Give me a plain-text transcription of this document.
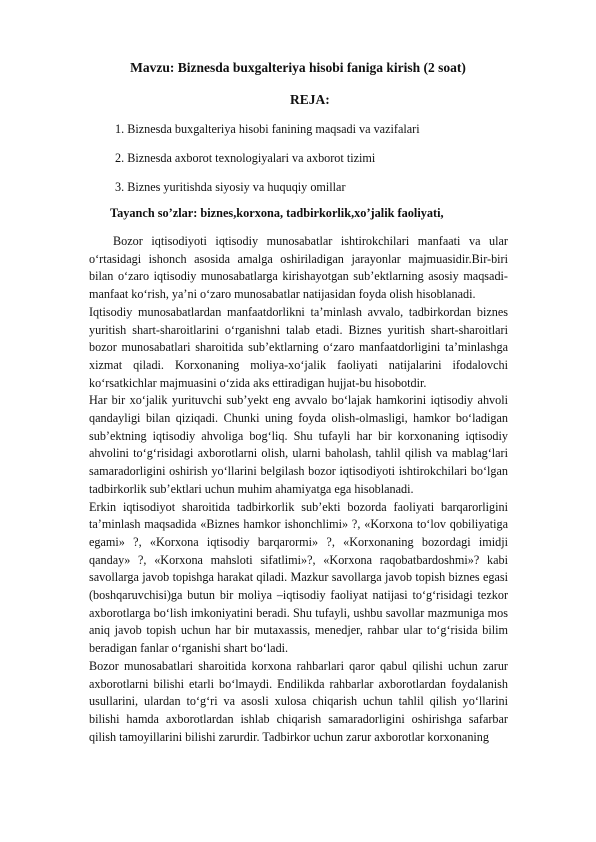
Mavzu: Biznesda buxgalteriya hisobi faniga kirish (2 soat)
REJA:
1. Biznesda buxgalteriya hisobi fanining maqsadi va vazifalari
2. Biznesda axborot texnologiyalari va axborot tizimi
3. Biznes yuritishda siyosiy va huquqiy omillar
Tayanch so’zlar: biznes,korxona, tadbirkorlik,xo’jalik faoliyati,

Bozor iqtisodiyoti iqtisodiy munosabatlar ishtirokchilari manfaati va ular o‘rtasidagi ishonch asosida amalga oshiriladigan jarayonlar majmuasidir.Bir-biri bilan o‘zaro iqtisodiy munosabatlarga kirishayotgan sub’ektlarning asosiy maqsadi-manfaat ko‘rish, ya’ni o‘zaro munosabatlar natijasidan foyda olish hisoblanadi.

Iqtisodiy munosabatlardan manfaatdorlikni ta’minlash avvalo, tadbirkordan biznes yuritish shart-sharoitlarini o‘rganishni talab etadi. Biznes yuritish shart-sharoitlari bozor munosabatlari sharoitida sub’ektlarning o‘zaro manfaatdorligini ta’minlashga xizmat qiladi. Korxonaning moliya-xo‘jalik faoliyati natijalarini ifodalovchi ko‘rsatkichlar majmuasini o‘zida aks ettiradigan hujjat-bu hisobotdir.

Har bir xo‘jalik yurituvchi sub’yekt eng avvalo bo‘lajak hamkorini iqtisodiy ahvoli qandayligi bilan qiziqadi. Chunki uning foyda olish-olmasligi, hamkor bo‘ladigan sub’ektning iqtisodiy ahvoliga bog‘liq. Shu tufayli har bir korxonaning iqtisodiy ahvolini to‘g‘risidagi axborotlarni olish, ularni baholash, tahlil qilish va mablag‘lari samaradorligini oshirish yo‘llarini belgilash bozor iqtisodiyoti ishtirokchilari bo‘lgan tadbirkorlik sub’ektlari uchun muhim ahamiyatga ega hisoblanadi.

Erkin iqtisodiyot sharoitida tadbirkorlik sub’ekti bozorda faoliyati barqarorligini ta’minlash maqsadida «Biznes hamkor ishonchlimi» ?, «Korxona to‘lov qobiliyatiga egami» ?, «Korxona iqtisodiy barqarormi» ?, «Korxonaning bozordagi imidji qanday» ?, «Korxona mahsloti sifatlimi»?, «Korxona raqobatbardoshmi»? kabi savollarga javob topishga harakat qiladi. Mazkur savollarga javob topish biznes egasi (boshqaruvchisi)ga butun bir moliya –iqtisodiy faoliyat natijasi to‘g‘risidagi tezkor axborotlarga bo‘lish imkoniyatini beradi. Shu tufayli, ushbu savollar mazmuniga mos aniq javob topish uchun har bir mutaxassis, menedjer, rahbar ular to‘g‘risida bilim beradigan fanlar o‘rganishi shart bo‘ladi.

Bozor munosabatlari sharoitida korxona rahbarlari qaror qabul qilishi uchun zarur axborotlarni bilishi etarli bo‘lmaydi. Endilikda rahbarlar axborotlardan foydalanish usullarini, ulardan to‘g‘ri va asosli xulosa chiqarish uchun tahlil qilish yo‘llarini bilishi hamda axborotlardan ishlab chiqarish samaradorligini oshirishga safarbar qilish tamoyillarini bilishi zarurdir. Tadbirkor uchun zarur axborotlar korxonaning
